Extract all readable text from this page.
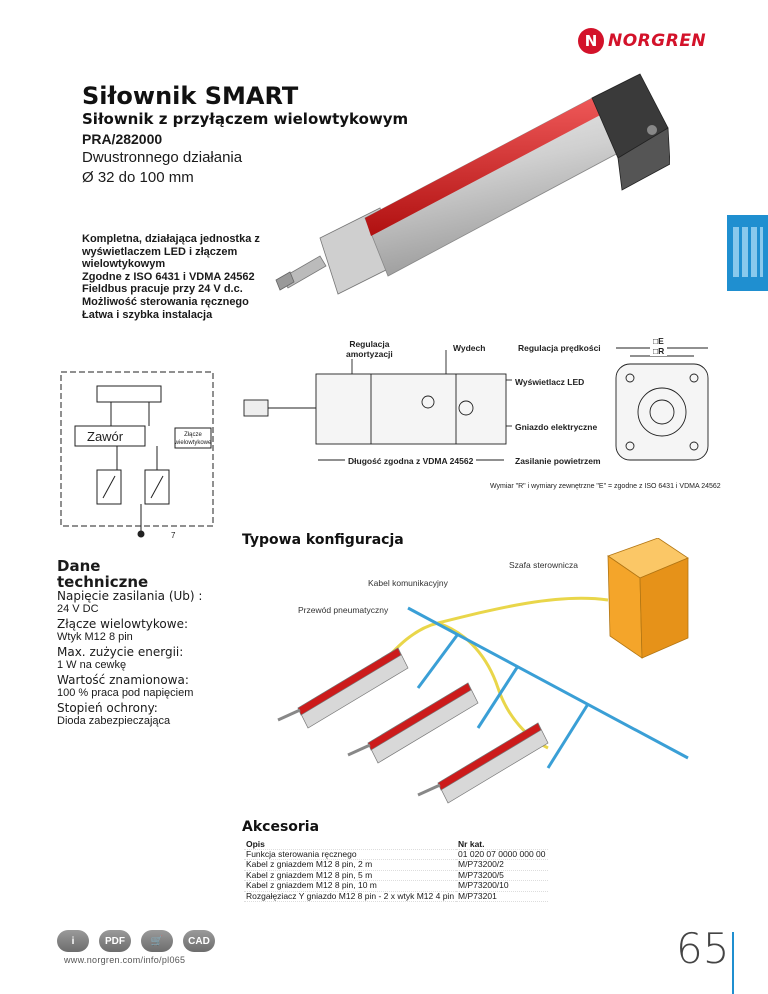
N NORGREN
Siłownik SMART
Siłownik z przyłączem wielowtykowym
PRA/282000
Dwustronnego działania
Ø 32 do 100 mm
Kompletna, działająca jednostka z
wyświetlaczem LED i złączem
wielowtykowym
Zgodne z ISO 6431 i VDMA 24562
Fieldbus pracuje przy 24 V d.c.
Możliwość sterowania ręcznego
Łatwa i szybka instalacja
Regulacja
amortyzacji
Wydech	Regulacja prędkości
Wyświetlacz LED
Gniazdo elektryczne
Długość zgodna z VDMA 24562	Zasilanie powietrzem
□E
□R
Wymiar "R" i wymiary zewnętrzne "E" = zgodne z ISO 6431 i VDMA 24562
Zawór	Złącze
wielowtykowe
7	Typowa konfiguracja
Szafa sterownicza
Kabel komunikacyjny
Przewód pneumatyczny
Dane
techniczne
Napięcie zasilania (Ub) :
24 V DC
Złącze wielowtykowe:
Wtyk M12 8 pin
Max. zużycie energii:
1 W na cewkę
Wartość znamionowa:
100 % praca pod napięciem
Stopień ochrony:
Dioda zabezpieczająca
Akcesoria
Opis	Nr kat.
Funkcja sterowania ręcznego	01 020 07 0000 000 00
Kabel z gniazdem M12 8 pin, 2 m	M/P73200/2
Kabel z gniazdem M12 8 pin, 5 m	M/P73200/5
Kabel z gniazdem M12 8 pin, 10 m	M/P73200/10
Rozgałęziacz Y gniazdo M12 8 pin - 2 x wtyk M12 4 pin	M/P73201
i	PDF	🛒	CAD
www.norgren.com/info/pl065	65
